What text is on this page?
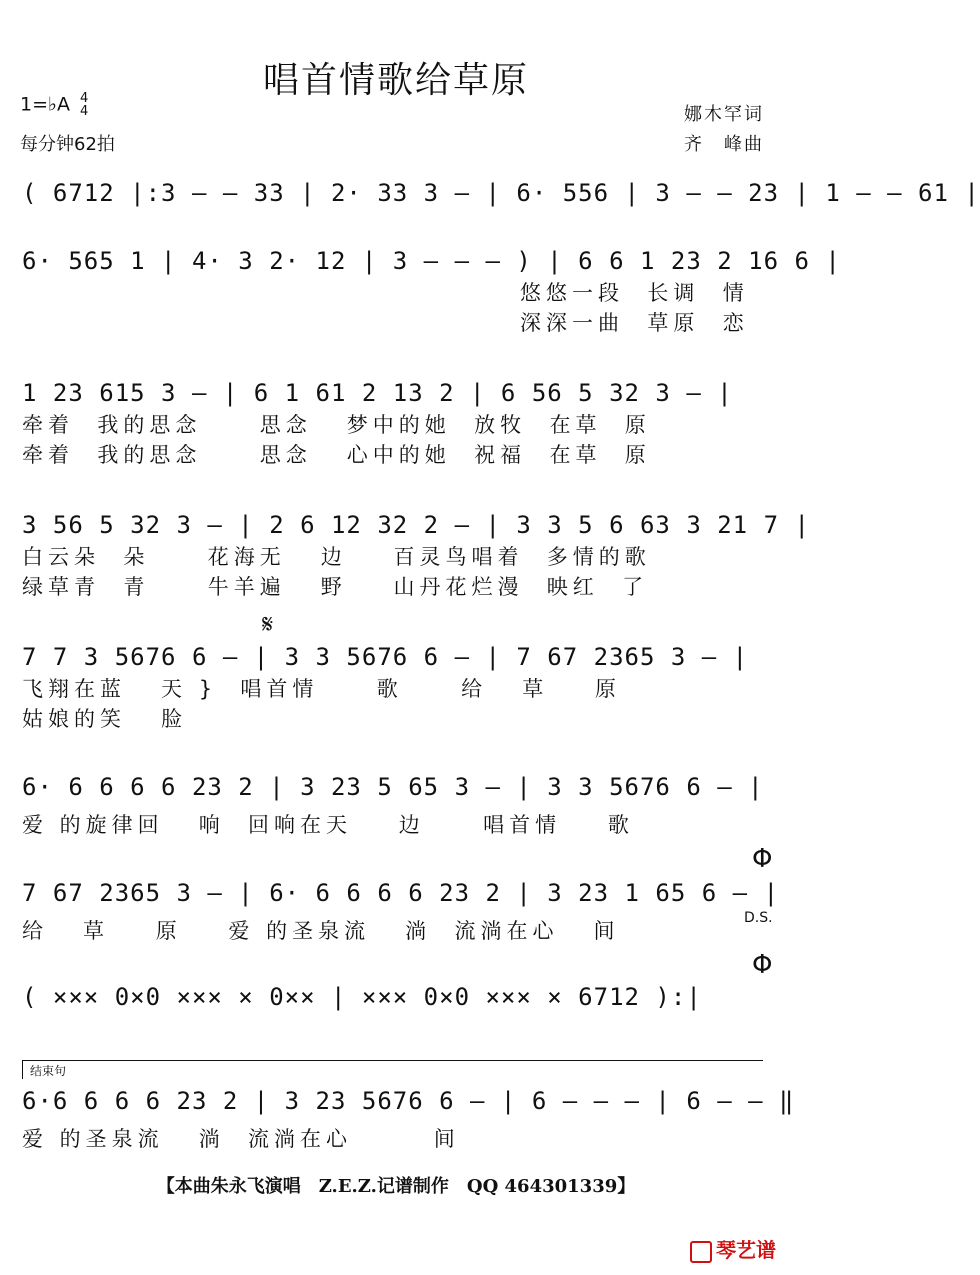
唱首情歌给草原
1=♭A 4
4
每分钟62拍
娜木罕词
齐　峰曲
( 6712 |:3 — — 33 | 2· 33 3 — | 6· 556 | 3 — — 23 | 1 — — 61 |
6· 565 1 | 4· 3 2· 12 | 3 — — — ) | 6 6 1 23 2 16 6 |
悠悠一段  长调  情
深深一曲  草原  恋
1 23 615 3 — | 6 1 61 2 13 2 | 6 56 5 32 3 — |
牵着  我的思念     思念   梦中的她  放牧  在草  原
牵着  我的思念     思念   心中的她  祝福  在草  原
3 56 5 32 3 — | 2 6 12 32 2 — | 3 3 5 6 63 3 21 7 |
白云朵  朵     花海无   边    百灵鸟唱着  多情的歌
绿草青  青     牛羊遍   野    山丹花烂漫  映红  了
𝄋
7 7 3 5676 6 — | 3 3 5676 6 — | 7 67 2365 3 — |
飞翔在蓝   天 }  唱首情     歌     给   草    原
姑娘的笑   脸
6· 6 6 6 6 23 2 | 3 23 5 65 3 — | 3 3 5676 6 — |
爱 的旋律回   响  回响在天    边     唱首情    歌
Φ
7 67 2365 3 — | 6· 6 6 6 6 23 2 | 3 23 1 65 6 — |
给   草    原    爱 的圣泉流   淌  流淌在心   间
D.S.
Φ
( ××× 0×0 ××× × 0×× | ××× 0×0 ××× × 6712 ):|
结束句
6·6 6 6 6 23 2 | 3 23 5676 6 — | 6 — — — | 6 — — ‖
爱 的圣泉流   淌  流淌在心       间
【本曲朱永飞演唱　Z.E.Z.记谱制作　QQ 464301339】
琴艺谱
